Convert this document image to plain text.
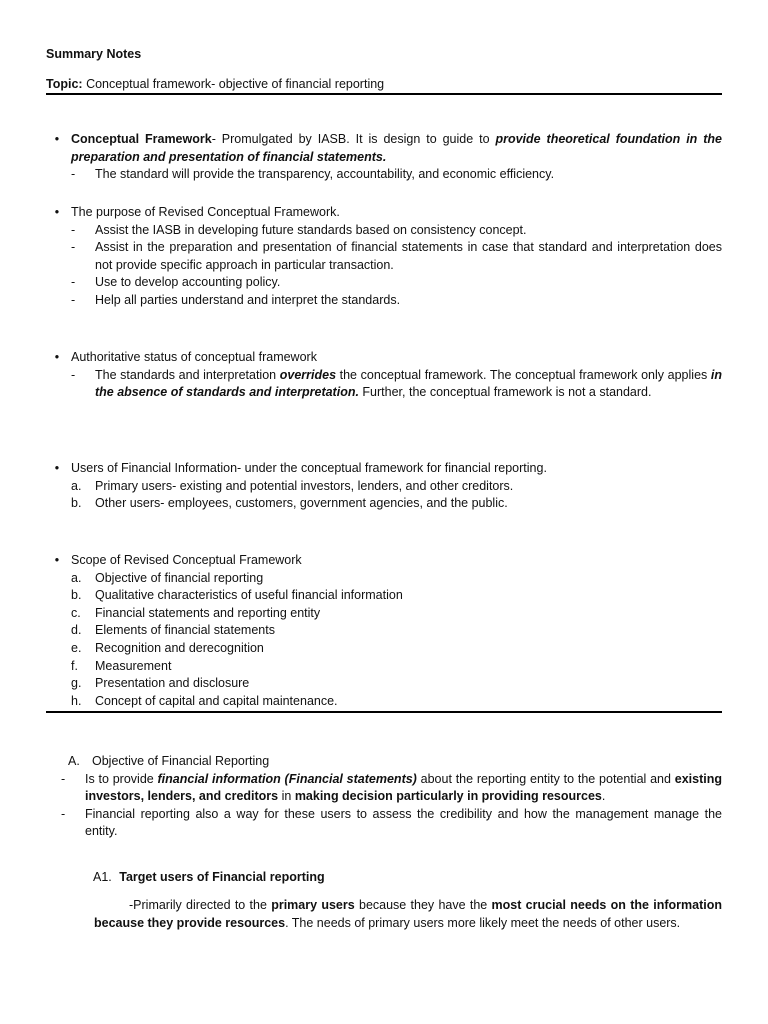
Summary Notes
Topic: Conceptual framework- objective of financial reporting
• Conceptual Framework- Promulgated by IASB. It is design to guide to provide theoretical foundation in the preparation and presentation of financial statements.
- The standard will provide the transparency, accountability, and economic efficiency.
• The purpose of Revised Conceptual Framework.
- Assist the IASB in developing future standards based on consistency concept.
- Assist in the preparation and presentation of financial statements in case that standard and interpretation does not provide specific approach in particular transaction.
- Use to develop accounting policy.
- Help all parties understand and interpret the standards.
• Authoritative status of conceptual framework
- The standards and interpretation overrides the conceptual framework. The conceptual framework only applies in the absence of standards and interpretation. Further, the conceptual framework is not a standard.
• Users of Financial Information- under the conceptual framework for financial reporting.
a. Primary users- existing and potential investors, lenders, and other creditors.
b. Other users- employees, customers, government agencies, and the public.
• Scope of Revised Conceptual Framework
a. Objective of financial reporting
b. Qualitative characteristics of useful financial information
c. Financial statements and reporting entity
d. Elements of financial statements
e. Recognition and derecognition
f. Measurement
g. Presentation and disclosure
h. Concept of capital and capital maintenance.
A. Objective of Financial Reporting
- Is to provide financial information (Financial statements) about the reporting entity to the potential and existing investors, lenders, and creditors in making decision particularly in providing resources.
- Financial reporting also a way for these users to assess the credibility and how the management manage the entity.
A1. Target users of Financial reporting
-Primarily directed to the primary users because they have the most crucial needs on the information because they provide resources. The needs of primary users more likely meet the needs of other users.
